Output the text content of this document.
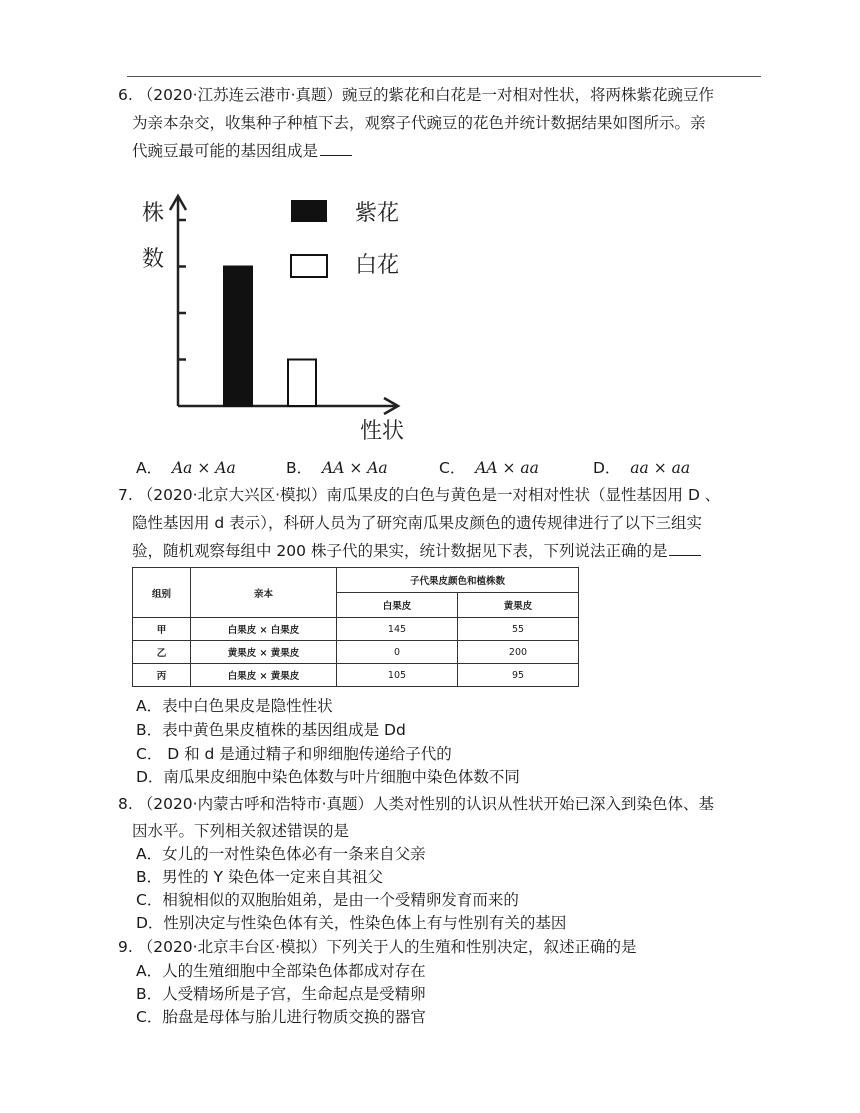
6. （2020·江苏连云港市·真题）豌豆的紫花和白花是一对相对性状，将两株紫花豌豆作
为亲本杂交，收集种子种植下去，观察子代豌豆的花色并统计数据结果如图所示。亲
代豌豆最可能的基因组成是
株
数
紫花
白花
性状
A． Aa × Aa	B． AA × Aa	C． AA × aa	D． aa × aa
7. （2020·北京大兴区·模拟）南瓜果皮的白色与黄色是一对相对性状（显性基因用 D 、
隐性基因用 d 表示），科研人员为了研究南瓜果皮颜色的遗传规律进行了以下三组实
验，随机观察每组中 200 株子代的果实，统计数据见下表，下列说法正确的是
组别	亲本	子代果皮颜色和植株数	
		白果皮	黄果皮
甲	白果皮 × 白果皮	145	55
乙	黄果皮 × 黄果皮	0	200
丙	白果皮 × 黄果皮	105	95
A．表中白色果皮是隐性性状
B．表中黄色果皮植株的基因组成是 Dd
C． D 和 d 是通过精子和卵细胞传递给子代的
D．南瓜果皮细胞中染色体数与叶片细胞中染色体数不同
8. （2020·内蒙古呼和浩特市·真题）人类对性别的认识从性状开始已深入到染色体、基
因水平。下列相关叙述错误的是
A．女儿的一对性染色体必有一条来自父亲
B．男性的 Y 染色体一定来自其祖父
C．相貌相似的双胞胎姐弟，是由一个受精卵发育而来的
D．性别决定与性染色体有关，性染色体上有与性别有关的基因
9. （2020·北京丰台区·模拟）下列关于人的生殖和性别决定，叙述正确的是
A．人的生殖细胞中全部染色体都成对存在
B．人受精场所是子宫，生命起点是受精卵
C．胎盘是母体与胎儿进行物质交换的器官
